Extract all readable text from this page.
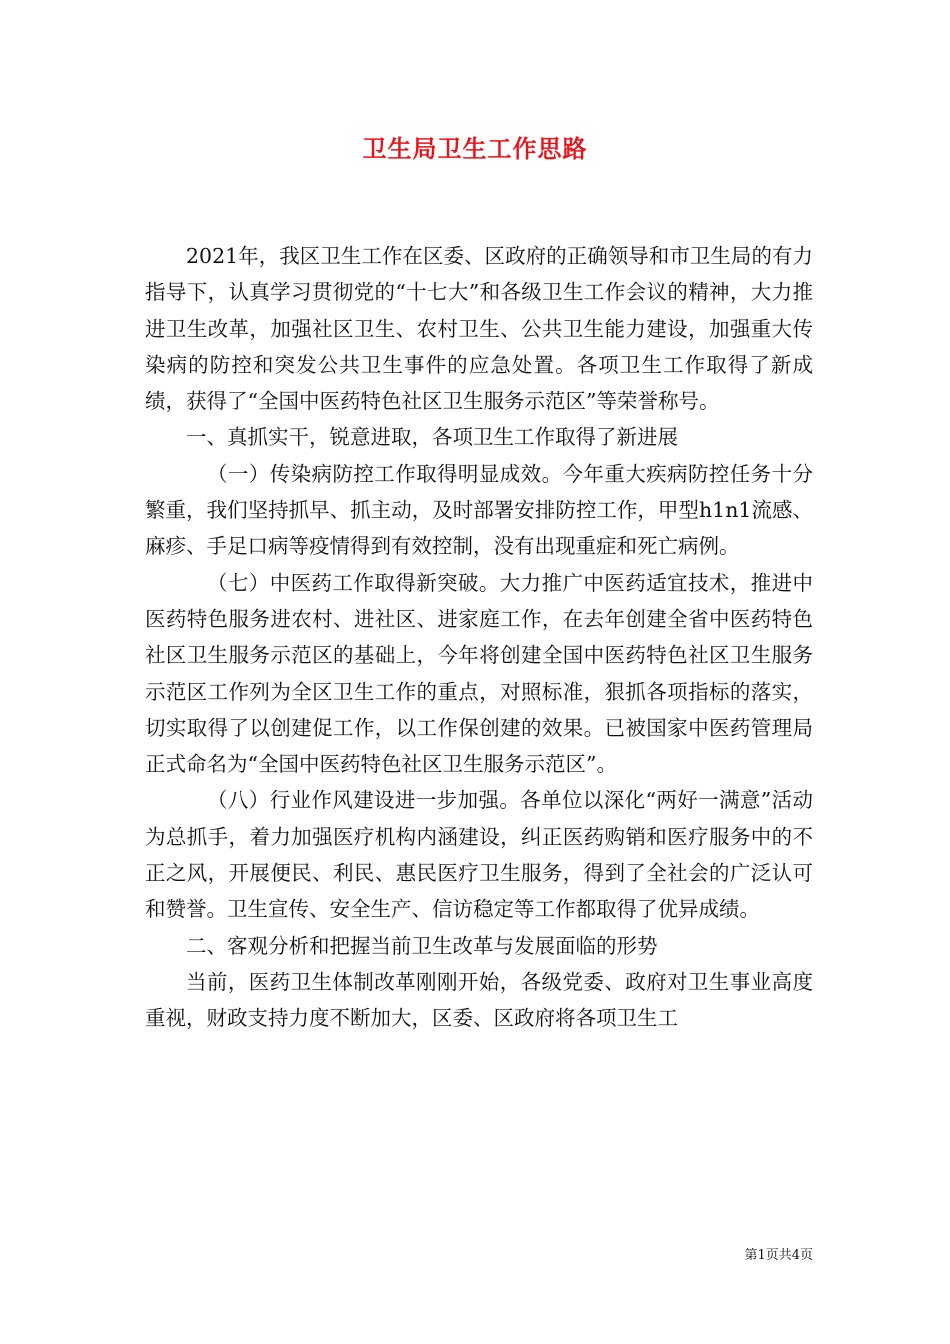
卫生局卫生工作思路

2021年，我区卫生工作在区委、区政府的正确领导和市卫生局的有力指导下，认真学习贯彻党的“十七大”和各级卫生工作会议的精神，大力推进卫生改革，加强社区卫生、农村卫生、公共卫生能力建设，加强重大传染病的防控和突发公共卫生事件的应急处置。各项卫生工作取得了新成绩，获得了“全国中医药特色社区卫生服务示范区”等荣誉称号。

一、真抓实干，锐意进取，各项卫生工作取得了新进展

（一）传染病防控工作取得明显成效。今年重大疾病防控任务十分繁重，我们坚持抓早、抓主动，及时部署安排防控工作，甲型h1n1流感、麻疹、手足口病等疫情得到有效控制，没有出现重症和死亡病例。

（七）中医药工作取得新突破。大力推广中医药适宜技术，推进中医药特色服务进农村、进社区、进家庭工作，在去年创建全省中医药特色社区卫生服务示范区的基础上，今年将创建全国中医药特色社区卫生服务示范区工作列为全区卫生工作的重点，对照标准，狠抓各项指标的落实，切实取得了以创建促工作，以工作保创建的效果。已被国家中医药管理局正式命名为“全国中医药特色社区卫生服务示范区”。

（八）行业作风建设进一步加强。各单位以深化“两好一满意”活动为总抓手，着力加强医疗机构内涵建设，纠正医药购销和医疗服务中的不正之风，开展便民、利民、惠民医疗卫生服务，得到了全社会的广泛认可和赞誉。卫生宣传、安全生产、信访稳定等工作都取得了优异成绩。

二、客观分析和把握当前卫生改革与发展面临的形势

当前，医药卫生体制改革刚刚开始，各级党委、政府对卫生事业高度重视，财政支持力度不断加大，区委、区政府将各项卫生工

第1页共4页
